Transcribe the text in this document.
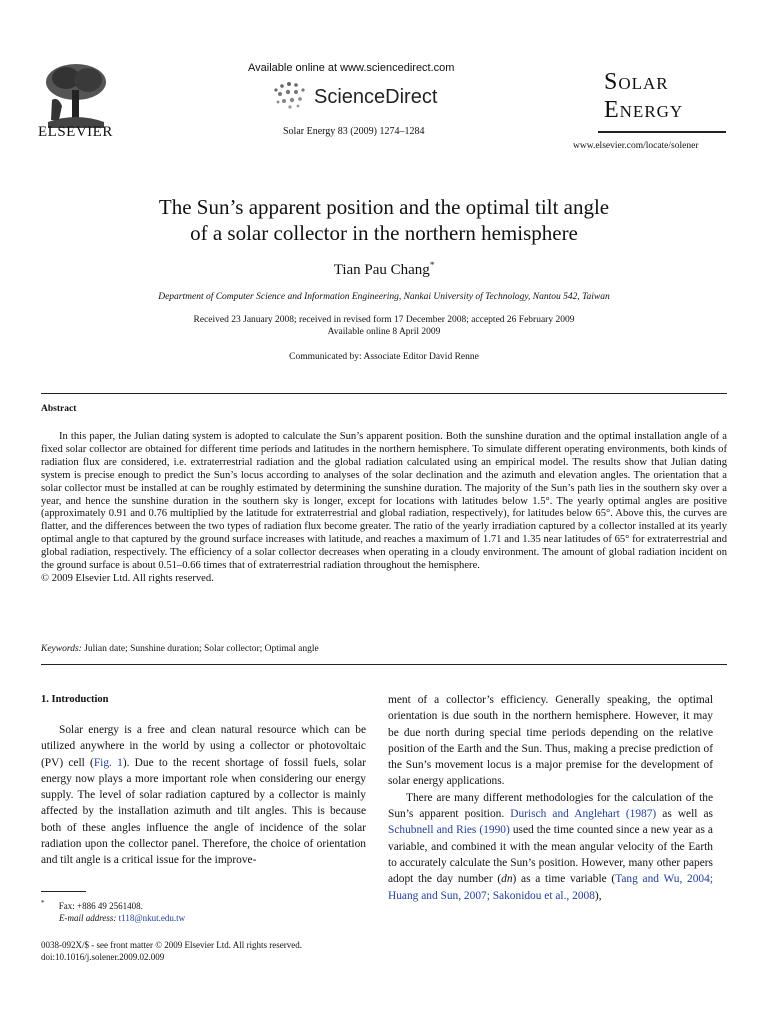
ELSEVIER
Available online at www.sciencedirect.com
ScienceDirect
Solar Energy 83 (2009) 1274–1284
Solar
Energy
www.elsevier.com/locate/solener
The Sun’s apparent position and the optimal tilt angle
of a solar collector in the northern hemisphere
Tian Pau Chang*
Department of Computer Science and Information Engineering, Nankai University of Technology, Nantou 542, Taiwan
Received 23 January 2008; received in revised form 17 December 2008; accepted 26 February 2009
Available online 8 April 2009
Communicated by: Associate Editor David Renne
Abstract

In this paper, the Julian dating system is adopted to calculate the Sun’s apparent position. Both the sunshine duration and the optimal installation angle of a fixed solar collector are obtained for different time periods and latitudes in the northern hemisphere. To simulate different operating environments, both kinds of radiation flux are considered, i.e. extraterrestrial radiation and the global radiation calculated using an empirical model. The results show that Julian dating system is precise enough to predict the Sun’s locus according to analyses of the solar declination and the azimuth and elevation angles. The orientation that a solar collector must be installed at can be roughly estimated by determining the sunshine duration. The majority of the Sun’s path lies in the southern sky over a year, and hence the sunshine duration in the southern sky is longer, except for locations with latitudes below 1.5°. The yearly optimal angles are positive (approximately 0.91 and 0.76 multiplied by the latitude for extraterrestrial and global radiation, respectively), for latitudes below 65°. Above this, the curves are flatter, and the differences between the two types of radiation flux become greater. The ratio of the yearly irradiation captured by a collector installed at its yearly optimal angle to that captured by the ground surface increases with latitude, and reaches a maximum of 1.71 and 1.35 near latitudes of 65° for extraterrestrial and global radiation, respectively. The efficiency of a solar collector decreases when operating in a cloudy environment. The amount of global radiation incident on the ground surface is about 0.51–0.66 times that of extraterrestrial radiation throughout the hemisphere.

© 2009 Elsevier Ltd. All rights reserved.

Keywords: Julian date; Sunshine duration; Solar collector; Optimal angle
1. Introduction

Solar energy is a free and clean natural resource which can be utilized anywhere in the world by using a collector or photovoltaic (PV) cell (Fig. 1). Due to the recent shortage of fossil fuels, solar energy now plays a more important role when considering our energy supply. The level of solar radiation captured by a collector is mainly affected by the installation azimuth and tilt angles. This is because both of these angles influence the angle of incidence of the solar radiation upon the collector panel. Therefore, the choice of orientation and tilt angle is a critical issue for the improve-

* Fax: +886 49 2561408.
E-mail address: t118@nkut.edu.tw
0038-092X/$ - see front matter © 2009 Elsevier Ltd. All rights reserved.
doi:10.1016/j.solener.2009.02.009

ment of a collector’s efficiency. Generally speaking, the optimal orientation is due south in the northern hemisphere. However, it may be due north during special time periods depending on the relative position of the Earth and the Sun. Thus, making a precise prediction of the Sun’s movement locus is a major premise for the development of solar energy applications.

There are many different methodologies for the calculation of the Sun’s apparent position. Durisch and Anglehart (1987) as well as Schubnell and Ries (1990) used the time counted since a new year as a variable, and combined it with the mean angular velocity of the Earth to accurately calculate the Sun’s position. However, many other papers adopt the day number (dn) as a time variable (Tang and Wu, 2004; Huang and Sun, 2007; Sakonidou et al., 2008),
